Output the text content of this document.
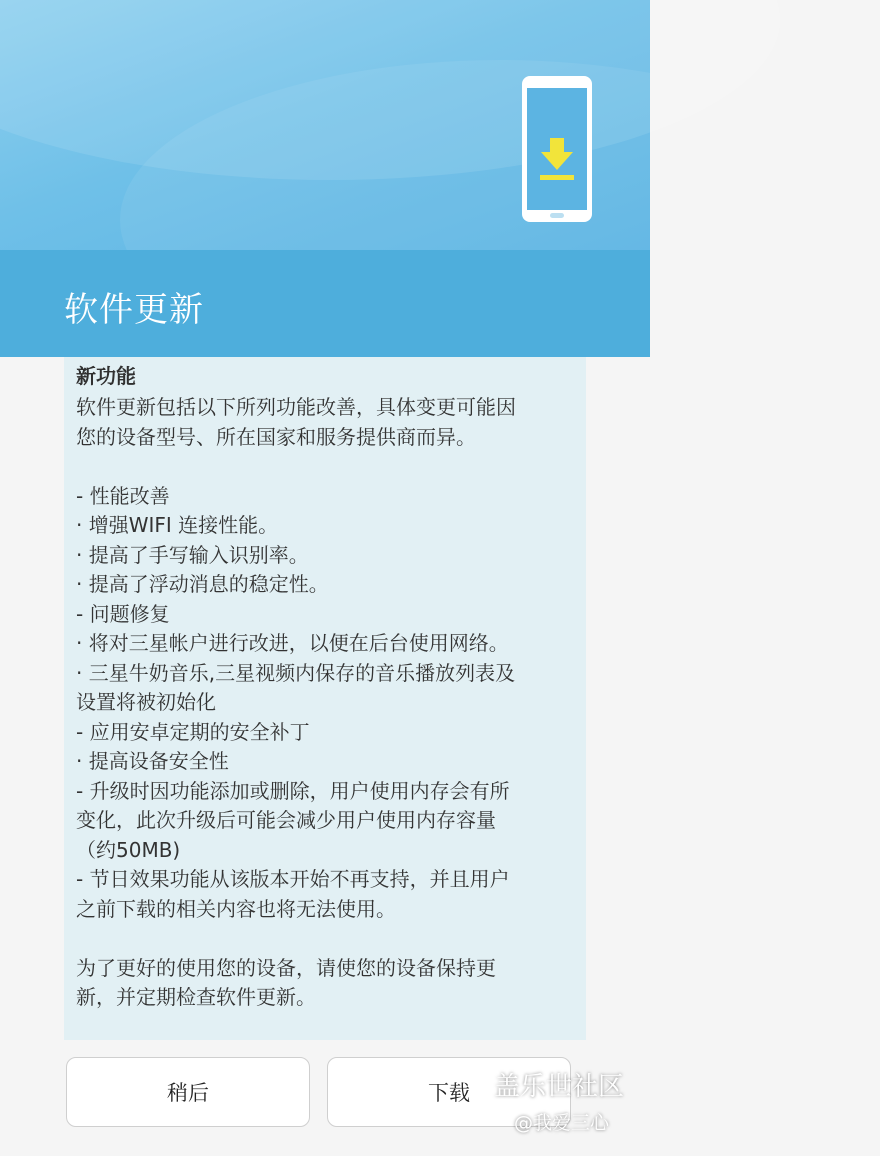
软件更新
新功能
软件更新包括以下所列功能改善，具体变更可能因
您的设备型号、所在国家和服务提供商而异。
- 性能改善
· 增强WIFI 连接性能。
· 提高了手写输入识别率。
· 提高了浮动消息的稳定性。
- 问题修复
· 将对三星帐户进行改进，以便在后台使用网络。
· 三星牛奶音乐,三星视频内保存的音乐播放列表及
设置将被初始化
- 应用安卓定期的安全补丁
· 提高设备安全性
- 升级时因功能添加或删除，用户使用内存会有所
变化，此次升级后可能会减少用户使用内存容量
（约50MB)
- 节日效果功能从该版本开始不再支持，并且用户
之前下载的相关内容也将无法使用。
为了更好的使用您的设备，请使您的设备保持更
新，并定期检查软件更新。
稍后	下载 盖乐世社区
@我爱三心
